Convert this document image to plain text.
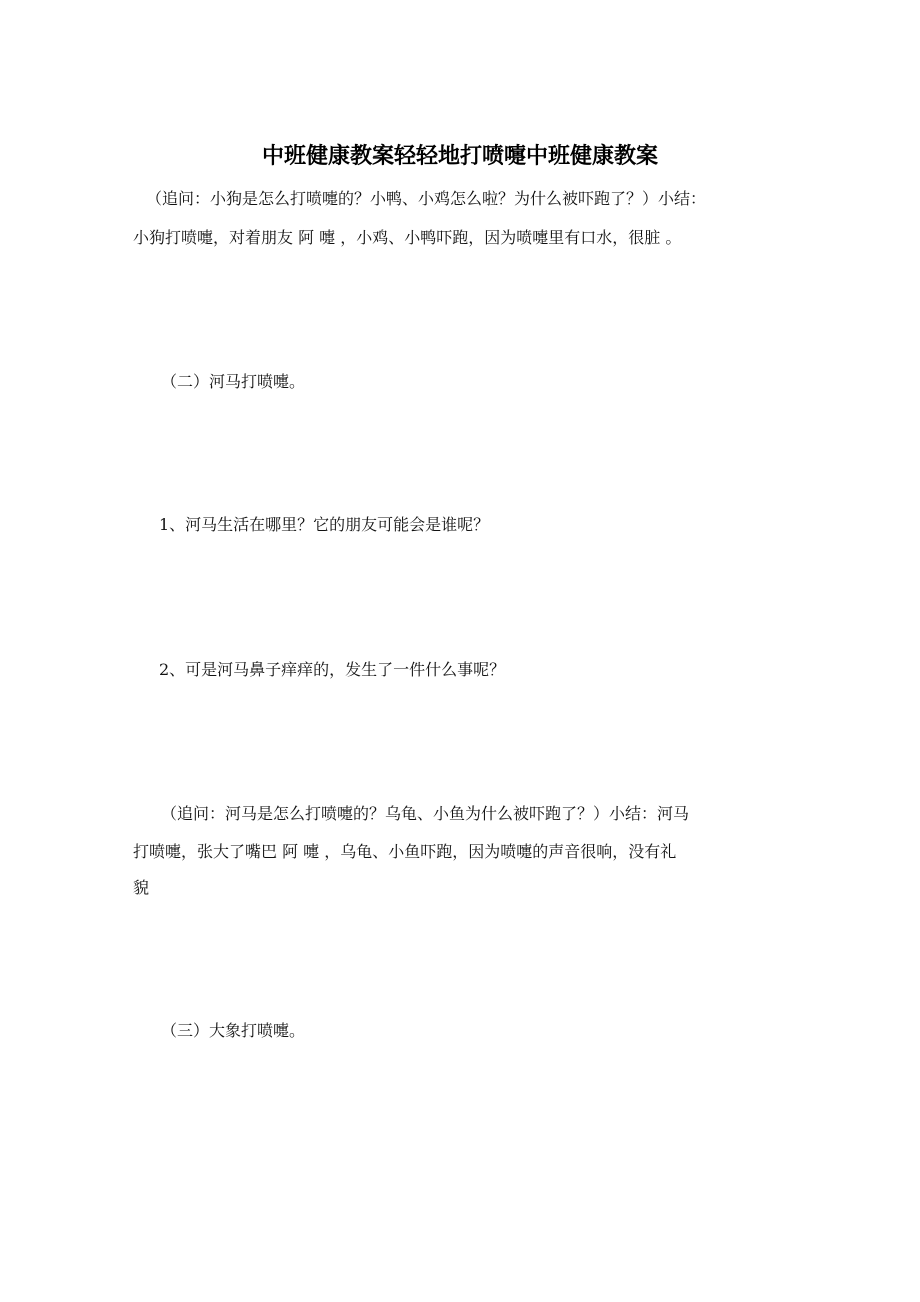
中班健康教案轻轻地打喷嚏中班健康教案
（追问：小狗是怎么打喷嚏的？小鸭、小鸡怎么啦？为什么被吓跑了？）小结：
小狗打喷嚏，对着朋友 阿 嚏 ，小鸡、小鸭吓跑，因为喷嚏里有口水，很脏 。
（二）河马打喷嚏。
1、河马生活在哪里？它的朋友可能会是谁呢？
2、可是河马鼻子痒痒的，发生了一件什么事呢？
（追问：河马是怎么打喷嚏的？乌龟、小鱼为什么被吓跑了？）小结：河马
打喷嚏，张大了嘴巴 阿 嚏 ，乌龟、小鱼吓跑，因为喷嚏的声音很响，没有礼
貌
（三）大象打喷嚏。
